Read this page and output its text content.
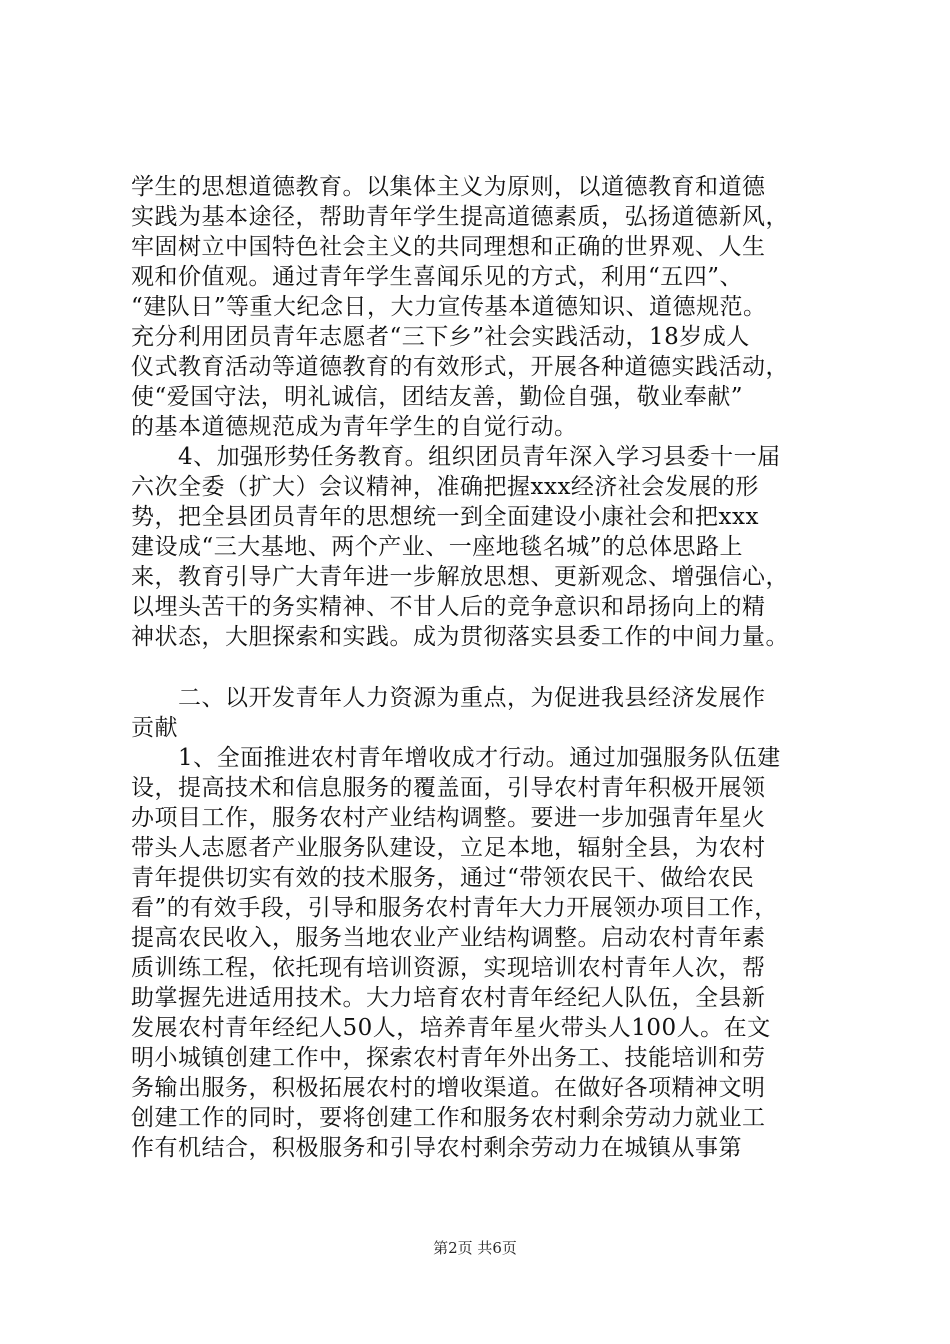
学生的思想道德教育。以集体主义为原则，以道德教育和道德
实践为基本途径，帮助青年学生提高道德素质，弘扬道德新风，
牢固树立中国特色社会主义的共同理想和正确的世界观、人生
观和价值观。通过青年学生喜闻乐见的方式，利用“五四”、
“建队日”等重大纪念日，大力宣传基本道德知识、道德规范。
充分利用团员青年志愿者“三下乡”社会实践活动，18岁成人
仪式教育活动等道德教育的有效形式，开展各种道德实践活动，
使“爱国守法，明礼诚信，团结友善，勤俭自强，敬业奉献”
的基本道德规范成为青年学生的自觉行动。
　　4、加强形势任务教育。组织团员青年深入学习县委十一届
六次全委（扩大）会议精神，准确把握xxx经济社会发展的形
势，把全县团员青年的思想统一到全面建设小康社会和把xxx
建设成“三大基地、两个产业、一座地毯名城”的总体思路上
来，教育引导广大青年进一步解放思想、更新观念、增强信心，
以埋头苦干的务实精神、不甘人后的竞争意识和昂扬向上的精
神状态，大胆探索和实践。成为贯彻落实县委工作的中间力量。
　　二、以开发青年人力资源为重点，为促进我县经济发展作
贡献
　　1、全面推进农村青年增收成才行动。通过加强服务队伍建
设，提高技术和信息服务的覆盖面，引导农村青年积极开展领
办项目工作，服务农村产业结构调整。要进一步加强青年星火
带头人志愿者产业服务队建设，立足本地，辐射全县，为农村
青年提供切实有效的技术服务，通过“带领农民干、做给农民
看”的有效手段，引导和服务农村青年大力开展领办项目工作，
提高农民收入，服务当地农业产业结构调整。启动农村青年素
质训练工程，依托现有培训资源，实现培训农村青年人次，帮
助掌握先进适用技术。大力培育农村青年经纪人队伍，全县新
发展农村青年经纪人50人，培养青年星火带头人100人。在文
明小城镇创建工作中，探索农村青年外出务工、技能培训和劳
务输出服务，积极拓展农村的增收渠道。在做好各项精神文明
创建工作的同时，要将创建工作和服务农村剩余劳动力就业工
作有机结合，积极服务和引导农村剩余劳动力在城镇从事第
第2页 共6页
